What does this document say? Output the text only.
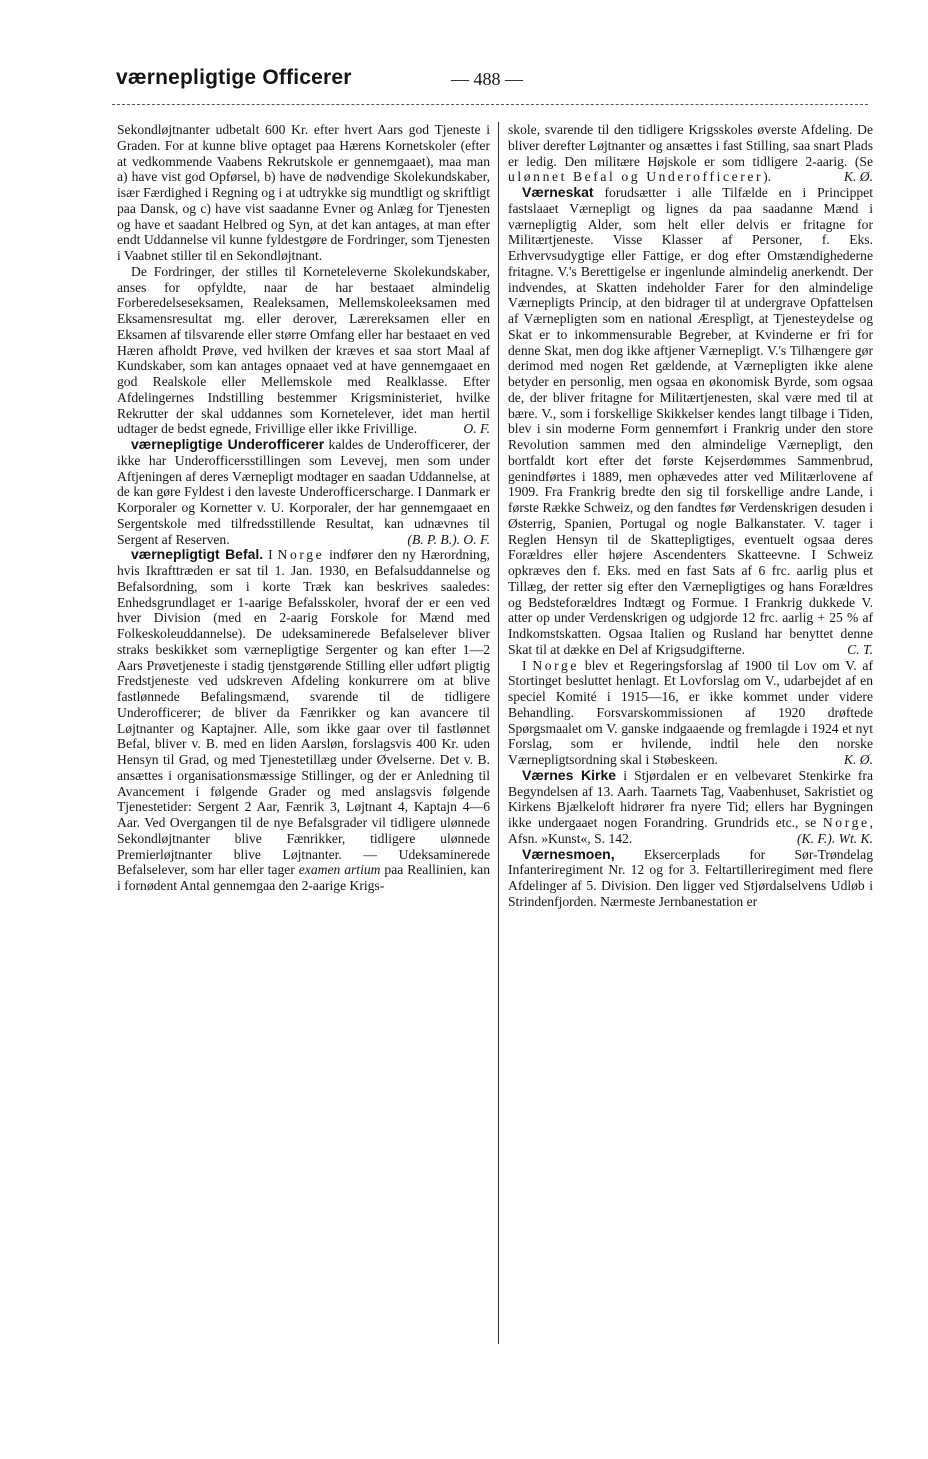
værnepligtige Officerer	— 488 —

Sekondløjtnanter udbetalt 600 Kr. efter hvert Aars god Tjeneste i Graden. For at kunne blive optaget paa Hærens Kornetskoler (efter at vedkommende Vaabens Rekrutskole er gennemgaaet), maa man a) have vist god Opførsel, b) have de nødvendige Skolekundskaber, især Færdighed i Regning og i at udtrykke sig mundtligt og skriftligt paa Dansk, og c) have vist saadanne Evner og Anlæg for Tjenesten og have et saadant Helbred og Syn, at det kan antages, at man efter endt Uddannelse vil kunne fyldestgøre de Fordringer, som Tjenesten i Vaabnet stiller til en Sekondløjtnant.

De Fordringer, der stilles til Korneteleverne Skolekundskaber, anses for opfyldte, naar de har bestaaet almindelig Forberedelseseksamen, Realeksamen, Mellemskoleeksamen med Eksamensresultat mg. eller derover, Lærereksamen eller en Eksamen af tilsvarende eller større Omfang eller har bestaaet en ved Hæren afholdt Prøve, ved hvilken der kræves et saa stort Maal af Kundskaber, som kan antages opnaaet ved at have gennemgaaet en god Realskole eller Mellemskole med Realklasse. Efter Afdelingernes Indstilling bestemmer Krigsministeriet, hvilke Rekrutter der skal uddannes som Kornetelever, idet man hertil udtager de bedst egnede, Frivillige eller ikke Frivillige.	O. F.

værnepligtige Underofficerer kaldes de Underofficerer, der ikke har Underofficersstillingen som Levevej, men som under Aftjeningen af deres Værnepligt modtager en saadan Uddannelse, at de kan gøre Fyldest i den laveste Underofficerscharge. I Danmark er Korporaler og Kornetter v. U. Korporaler, der har gennemgaaet en Sergentskole med tilfredsstillende Resultat, kan udnævnes til Sergent af Reserven.	(B. P. B.). O. F.

værnepligtigt Befal. I Norge indfører den ny Hærordning, hvis Ikrafttræden er sat til 1. Jan. 1930, en Befalsuddannelse og Befalsordning, som i korte Træk kan beskrives saaledes: Enhedsgrundlaget er 1-aarige Befalsskoler, hvoraf der er een ved hver Division (med en 2-aarig Forskole for Mænd med Folkeskoleuddannelse). De udeksaminerede Befalselever bliver straks beskikket som værnepligtige Sergenter og kan efter 1—2 Aars Prøvetjeneste i stadig tjenstgørende Stilling eller udført pligtig Fredstjeneste ved udskreven Afdeling konkurrere om at blive fastlønnede Befalingsmænd, svarende til de tidligere Underofficerer; de bliver da Fænrikker og kan avancere til Løjtnanter og Kaptajner. Alle, som ikke gaar over til fastlønnet Befal, bliver v. B. med en liden Aarsløn, forslagsvis 400 Kr. uden Hensyn til Grad, og med Tjenestetillæg under Øvelserne. Det v. B. ansættes i organisationsmæssige Stillinger, og der er Anledning til Avancement i følgende Grader og med anslagsvis følgende Tjenestetider: Sergent 2 Aar, Fænrik 3, Løjtnant 4, Kaptajn 4—6 Aar. Ved Overgangen til de nye Befalsgrader vil tidligere ulønnede Sekondløjtnanter blive Fænrikker, tidligere ulønnede Premierløjtnanter blive Løjtnanter. — Udeksaminerede Befalselever, som har eller tager examen artium paa Reallinien, kan i fornødent Antal gennemgaa den 2-aarige Krigs-

skole, svarende til den tidligere Krigsskoles øverste Afdeling. De bliver derefter Løjtnanter og ansættes i fast Stilling, saa snart Plads er ledig. Den militære Højskole er som tidligere 2-aarig. (Se ulønnet Befal og Underofficerer).	K. Ø.

Værneskat forudsætter i alle Tilfælde en i Princippet fastslaaet Værnepligt og lignes da paa saadanne Mænd i værnepligtig Alder, som helt eller delvis er fritagne for Militærtjeneste. Visse Klasser af Personer, f. Eks. Erhvervsudygtige eller Fattige, er dog efter Omstændighederne fritagne. V.'s Berettigelse er ingenlunde almindelig anerkendt. Der indvendes, at Skatten indeholder Farer for den almindelige Værnepligts Princip, at den bidrager til at undergrave Opfattelsen af Værnepligten som en national Æresplìgt, at Tjenesteydelse og Skat er to inkommensurable Begreber, at Kvinderne er fri for denne Skat, men dog ikke aftjener Værnepligt. V.'s Tilhængere gør derimod med nogen Ret gældende, at Værnepligten ikke alene betyder en personlig, men ogsaa en økonomisk Byrde, som ogsaa de, der bliver fritagne for Militærtjenesten, skal være med til at bære. V., som i forskellige Skikkelser kendes langt tilbage i Tiden, blev i sin moderne Form gennemført i Frankrig under den store Revolution sammen med den almindelige Værnepligt, den bortfaldt kort efter det første Kejserdømmes Sammenbrud, genindførtes i 1889, men ophævedes atter ved Militærlovene af 1909. Fra Frankrig bredte den sig til forskellige andre Lande, i første Række Schweiz, og den fandtes før Verdenskrigen desuden i Østerrig, Spanien, Portugal og nogle Balkanstater. V. tager i Reglen Hensyn til de Skattepligtiges, eventuelt ogsaa deres Forældres eller højere Ascendenters Skatteevne. I Schweiz opkræves den f. Eks. med en fast Sats af 6 frc. aarlig plus et Tillæg, der retter sig efter den Værnepligtiges og hans Forældres og Bedsteforældres Indtægt og Formue. I Frankrig dukkede V. atter op under Verdenskrigen og udgjorde 12 frc. aarlig + 25 % af Indkomstskatten. Ogsaa Italien og Rusland har benyttet denne Skat til at dække en Del af Krigsudgifterne.	C. T.

I Norge blev et Regeringsforslag af 1900 til Lov om V. af Stortinget besluttet henlagt. Et Lovforslag om V., udarbejdet af en speciel Komité i 1915—16, er ikke kommet under videre Behandling. Forsvarskommissionen af 1920 drøftede Spørgsmaalet om V. ganske indgaaende og fremlagde i 1924 et nyt Forslag, som er hvilende, indtil hele den norske Værnepligtsordning skal i Støbeskeen.	K. Ø.

Værnes Kirke i Stjørdalen er en velbevaret Stenkirke fra Begyndelsen af 13. Aarh. Taarnets Tag, Vaabenhuset, Sakristiet og Kirkens Bjælkeloft hidrører fra nyere Tid; ellers har Bygningen ikke undergaaet nogen Forandring. Grundrids etc., se Norge, Afsn. »Kunst«, S. 142.	(K. F.). Wt. K.

Værnesmoen, Eksercerplads for Sør-Trøndelag Infanteriregiment Nr. 12 og for 3. Feltartilleriregiment med flere Afdelinger af 5. Division. Den ligger ved Stjørdalselvens Udløb i Strindenfjorden. Nærmeste Jernbanestation er
